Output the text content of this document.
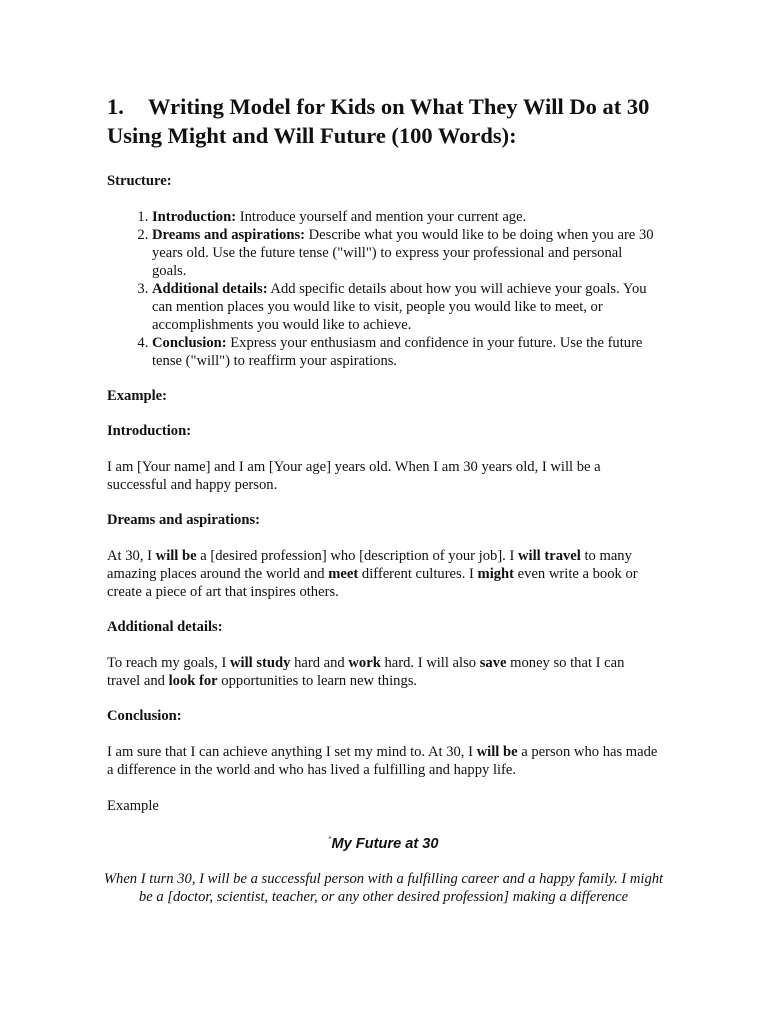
1. Writing Model for Kids on What They Will Do at 30 Using Might and Will Future (100 Words):

Structure:

1. Introduction: Introduce yourself and mention your current age.
2. Dreams and aspirations: Describe what you would like to be doing when you are 30 years old. Use the future tense ("will") to express your professional and personal goals.
3. Additional details: Add specific details about how you will achieve your goals. You can mention places you would like to visit, people you would like to meet, or accomplishments you would like to achieve.
4. Conclusion: Express your enthusiasm and confidence in your future. Use the future tense ("will") to reaffirm your aspirations.

Example:

Introduction:

I am [Your name] and I am [Your age] years old. When I am 30 years old, I will be a successful and happy person.

Dreams and aspirations:

At 30, I will be a [desired profession] who [description of your job]. I will travel to many amazing places around the world and meet different cultures. I might even write a book or create a piece of art that inspires others.

Additional details:

To reach my goals, I will study hard and work hard. I will also save money so that I can travel and look for opportunities to learn new things.

Conclusion:

I am sure that I can achieve anything I set my mind to. At 30, I will be a person who has made a difference in the world and who has lived a fulfilling and happy life.

Example

“My Future at 30

When I turn 30, I will be a successful person with a fulfilling career and a happy family. I might be a [doctor, scientist, teacher, or any other desired profession] making a difference
